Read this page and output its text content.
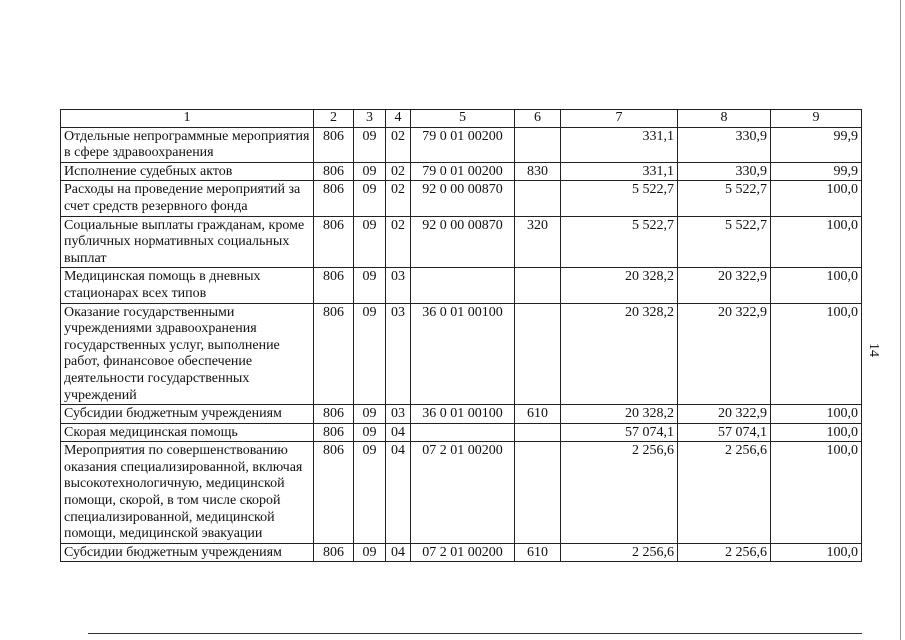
1	2	3	4	5	6	7	8	9
Отдельные непрограммные мероприятия в сфере здравоохранения	806	09	02	79 0 01 00200		331,1	330,9	99,9
Исполнение судебных актов	806	09	02	79 0 01 00200	830	331,1	330,9	99,9
Расходы на проведение мероприятий за счет средств резервного фонда	806	09	02	92 0 00 00870		5 522,7	5 522,7	100,0
Социальные выплаты гражданам, кроме публичных нормативных социальных выплат	806	09	02	92 0 00 00870	320	5 522,7	5 522,7	100,0
Медицинская помощь в дневных стационарах всех типов	806	09	03			20 328,2	20 322,9	100,0
Оказание государственными учреждениями здравоохранения государственных услуг, выполнение работ, финансовое обеспечение деятельности государственных учреждений	806	09	03	36 0 01 00100		20 328,2	20 322,9	100,0
Субсидии бюджетным учреждениям	806	09	03	36 0 01 00100	610	20 328,2	20 322,9	100,0
Скорая медицинская помощь	806	09	04			57 074,1	57 074,1	100,0
Мероприятия по совершенствованию оказания специализированной, включая высокотехнологичную, медицинской помощи, скорой, в том числе скорой специализированной, медицинской помощи, медицинской эвакуации	806	09	04	07 2 01 00200		2 256,6	2 256,6	100,0
Субсидии бюджетным учреждениям	806	09	04	07 2 01 00200	610	2 256,6	2 256,6	100,0
14
